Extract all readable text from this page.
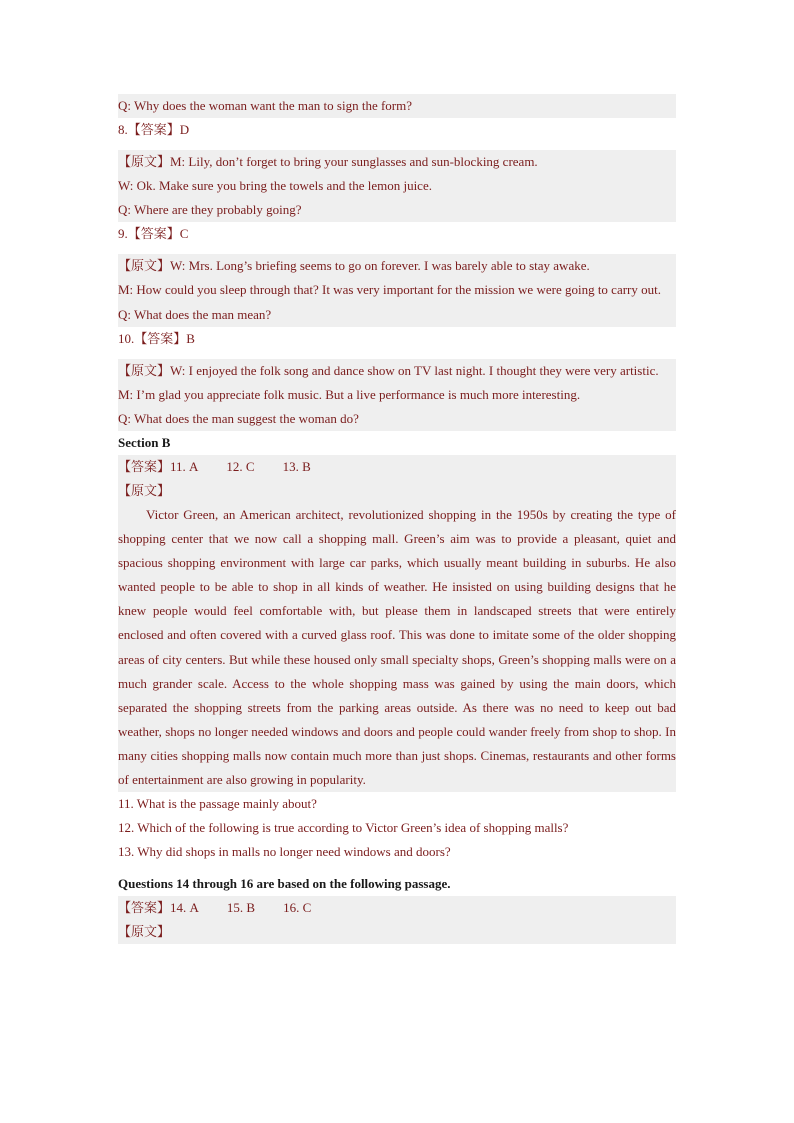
Q: Why does the woman want the man to sign the form?
8.【答案】D
【原文】M: Lily, don’t forget to bring your sunglasses and sun-blocking cream.
W: Ok. Make sure you bring the towels and the lemon juice.
Q: Where are they probably going?
9.【答案】C
【原文】W: Mrs. Long’s briefing seems to go on forever. I was barely able to stay awake.
M: How could you sleep through that? It was very important for the mission we were going to carry out.
Q: What does the man mean?
10.【答案】B
【原文】W: I enjoyed the folk song and dance show on TV last night. I thought they were very artistic.
M: I’m glad you appreciate folk music. But a live performance is much more interesting.
Q: What does the man suggest the woman do?
Section B
【答案】11. A 12. C 13. B
【原文】
Victor Green, an American architect, revolutionized shopping in the 1950s by creating the type of shopping center that we now call a shopping mall. Green’s aim was to provide a pleasant, quiet and spacious shopping environment with large car parks, which usually meant building in suburbs. He also wanted people to be able to shop in all kinds of weather. He insisted on using building designs that he knew people would feel comfortable with, but please them in landscaped streets that were entirely enclosed and often covered with a curved glass roof. This was done to imitate some of the older shopping areas of city centers. But while these housed only small specialty shops, Green’s shopping malls were on a much grander scale. Access to the whole shopping mass was gained by using the main doors, which separated the shopping streets from the parking areas outside. As there was no need to keep out bad weather, shops no longer needed windows and doors and people could wander freely from shop to shop. In many cities shopping malls now contain much more than just shops. Cinemas, restaurants and other forms of entertainment are also growing in popularity.
11. What is the passage mainly about?
12. Which of the following is true according to Victor Green’s idea of shopping malls?
13. Why did shops in malls no longer need windows and doors?
Questions 14 through 16 are based on the following passage.
【答案】14. A 15. B 16. C
【原文】
